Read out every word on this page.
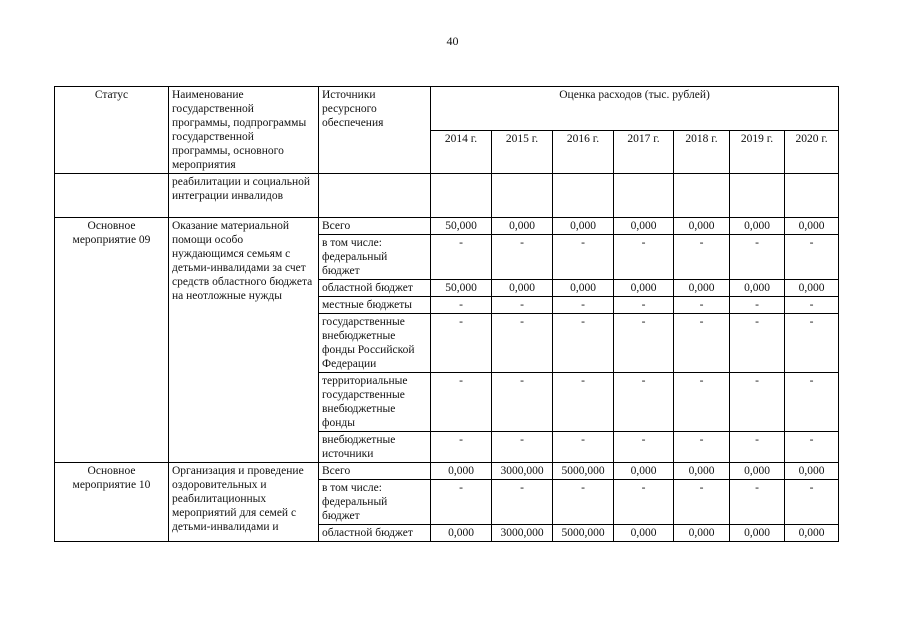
40
Статус	Наименование государственной программы, подпрограммы государственной программы, основного мероприятия	Источники ресурсного обеспечения	Оценка расходов (тыс. рублей)						
			2014 г.	2015 г.	2016 г.	2017 г.	2018 г.	2019 г.	2020 г.
	реабилитации и социальной интеграции инвалидов								
Основное мероприятие 09	Оказание материальной помощи особо нуждающимся семьям с детьми-инвалидами за счет средств областного бюджета на неотложные нужды	Всего	50,000	0,000	0,000	0,000	0,000	0,000	0,000
		в том числе: федеральный бюджет	-	-	-	-	-	-	-
		областной бюджет	50,000	0,000	0,000	0,000	0,000	0,000	0,000
		местные бюджеты	-	-	-	-	-	-	-
		государственные внебюджетные фонды Российской Федерации	-	-	-	-	-	-	-
		территориальные государственные внебюджетные фонды	-	-	-	-	-	-	-
		внебюджетные источники	-	-	-	-	-	-	-
Основное мероприятие 10	Организация и проведение оздоровительных и реабилитационных мероприятий для семей с детьми-инвалидами и	Всего	0,000	3000,000	5000,000	0,000	0,000	0,000	0,000
		в том числе: федеральный бюджет	-	-	-	-	-	-	-
		областной бюджет	0,000	3000,000	5000,000	0,000	0,000	0,000	0,000
